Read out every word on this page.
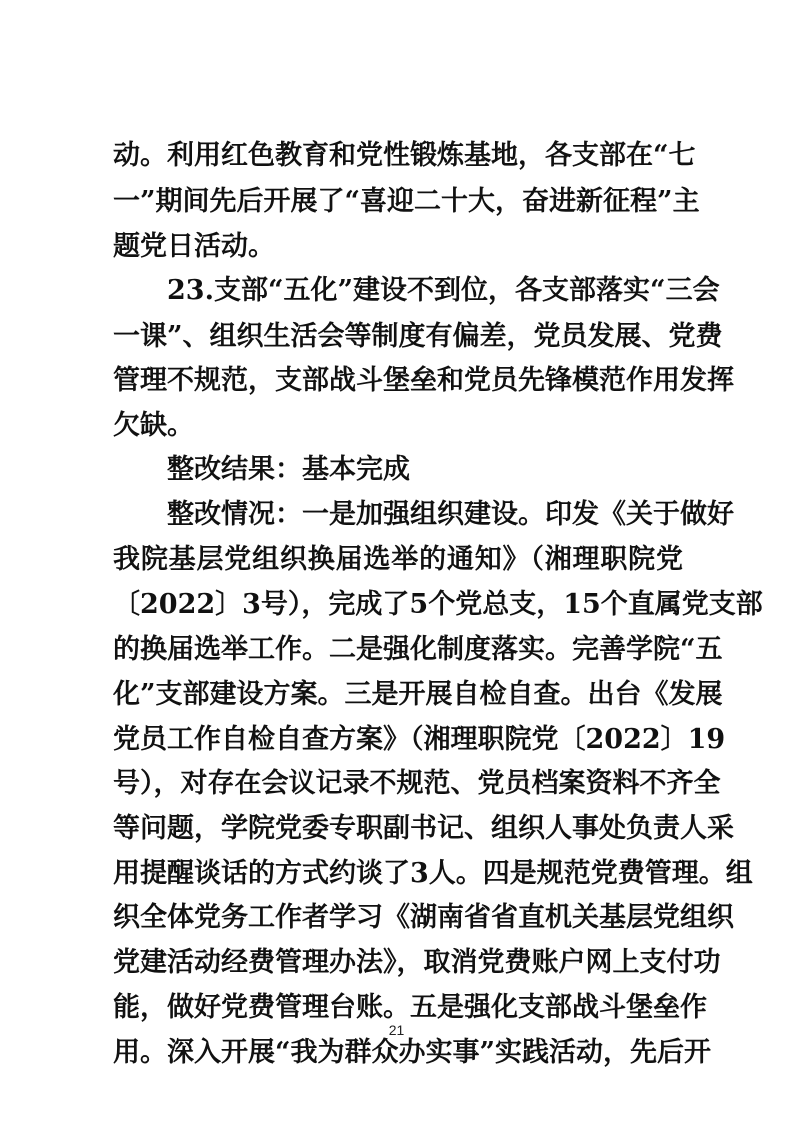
动。利用红色教育和党性锻炼基地，各支部在“七
一”期间先后开展了“喜迎二十大，奋进新征程”主
题党日活动。
23.支部“五化”建设不到位，各支部落实“三会
一课”、组织生活会等制度有偏差，党员发展、党费
管理不规范，支部战斗堡垒和党员先锋模范作用发挥
欠缺。
整改结果：基本完成
整改情况：一是加强组织建设。印发《关于做好
我院基层党组织换届选举的通知》（湘理职院党
〔2022〕3号），完成了5个党总支，15个直属党支部
的换届选举工作。二是强化制度落实。完善学院“五
化”支部建设方案。三是开展自检自查。出台《发展
党员工作自检自查方案》（湘理职院党〔2022〕19
号），对存在会议记录不规范、党员档案资料不齐全
等问题，学院党委专职副书记、组织人事处负责人采
用提醒谈话的方式约谈了3人。四是规范党费管理。组
织全体党务工作者学习《湖南省省直机关基层党组织
党建活动经费管理办法》，取消党费账户网上支付功
能，做好党费管理台账。五是强化支部战斗堡垒作
用。深入开展“我为群众办实事”实践活动，先后开
21
